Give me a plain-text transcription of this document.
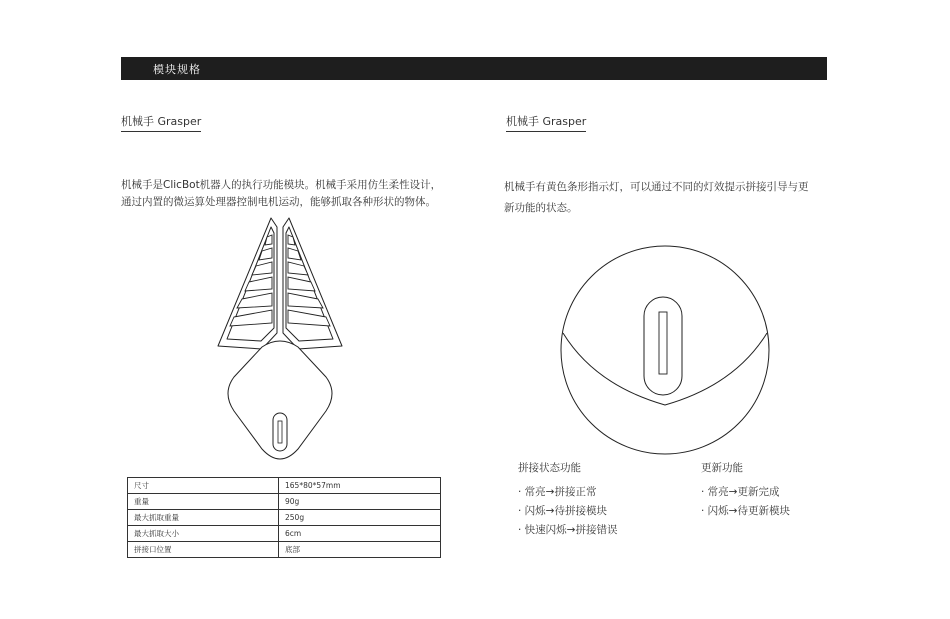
模块规格
机械手 Grasper
机械手是ClicBot机器人的执行功能模块。机械手采用仿生柔性设计，
通过内置的微运算处理器控制电机运动，能够抓取各种形状的物体。
尺寸	165*80*57mm
重量	90g
最大抓取重量	250g
最大抓取大小	6cm
拼接口位置	底部
机械手 Grasper
机械手有黄色条形指示灯，可以通过不同的灯效提示拼接引导与更
新功能的状态。
拼接状态功能
· 常亮→拼接正常
· 闪烁→待拼接模块
· 快速闪烁→拼接错误
更新功能
· 常亮→更新完成
· 闪烁→待更新模块
